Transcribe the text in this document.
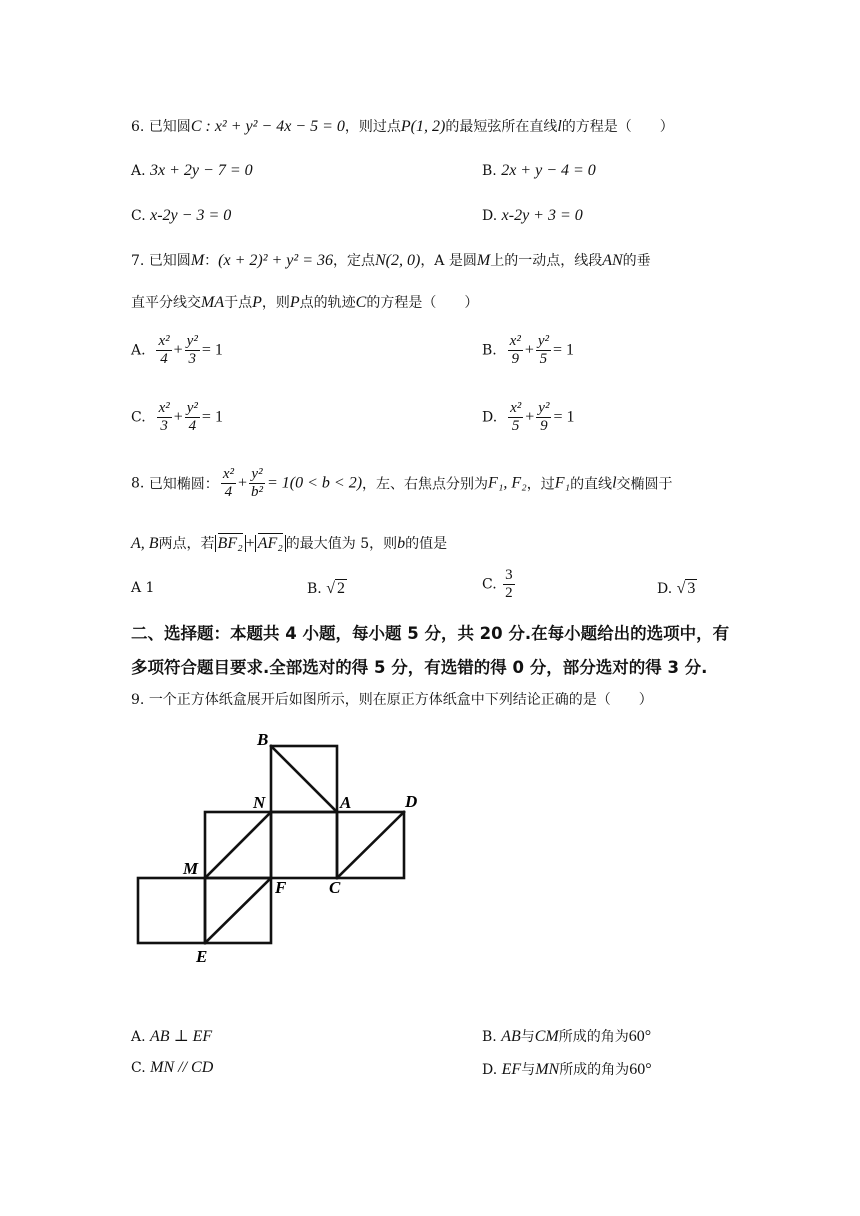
6. 已知圆C : x² + y² − 4x − 5 = 0，则过点P(1, 2)的最短弦所在直线l的方程是（　　）
A. 3x + 2y − 7 = 0	B. 2x + y − 4 = 0
C. x-2y − 3 = 0	D. x-2y + 3 = 0
7. 已知圆M：(x + 2)² + y² = 36，定点N(2, 0)，A 是圆M上的一动点，线段AN的垂
直平分线交MA于点P，则P点的轨迹C的方程是（　　）
A. $\frac{\text{x²}}{4} + \frac{\text{y²}}{3} = 1$	B. $\frac{\text{x²}}{9} + \frac{\text{y²}}{5} = 1$
C. $\frac{\text{x²}}{3} + \frac{\text{y²}}{4} = 1$	D. $\frac{\text{x²}}{5} + \frac{\text{y²}}{9} = 1$
8. 已知椭圆： $\frac{\text{x²}}{4} + \frac{\text{y²}}{\text{b²}} = 1(0 < b < 2)$，左、右焦点分别为F₁, F₂，过F₁的直线l交椭圆于
A, B两点，若 BF₂ + AF₂ 的最大值为 5，则b的值是
A 1	B. √ 2	C. $\frac{3}{2}$	D. √ 3
二、选择题：本题共 4 小题，每小题 5 分，共 20 分.在每小题给出的选项中，有
多项符合题目要求.全部选对的得 5 分，有选错的得 0 分，部分选对的得 3 分.
9. 一个正方体纸盒展开后如图所示，则在原正方体纸盒中下列结论正确的是（　　）
B
N	A	D
M
F	C
E
A. AB ⊥ EF	B. AB与CM所成的角为60°
C. MN // CD	D. EF与MN所成的角为60°
